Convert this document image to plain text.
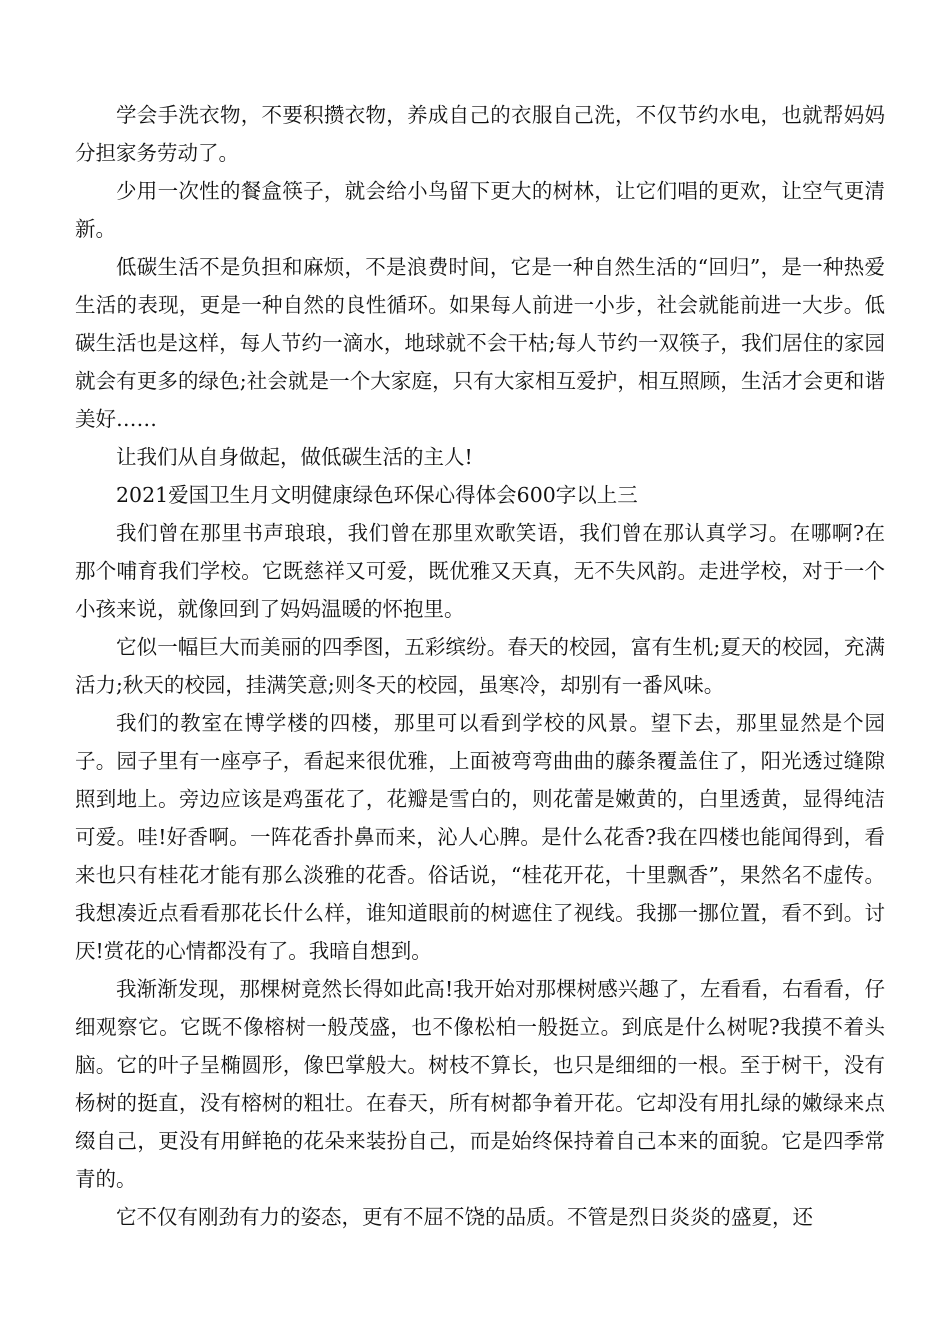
学会手洗衣物，不要积攒衣物，养成自己的衣服自己洗，不仅节约水电，也就帮妈妈分担家务劳动了。

少用一次性的餐盒筷子，就会给小鸟留下更大的树林，让它们唱的更欢，让空气更清新。

低碳生活不是负担和麻烦，不是浪费时间，它是一种自然生活的“回归”，是一种热爱生活的表现，更是一种自然的良性循环。如果每人前进一小步，社会就能前进一大步。低碳生活也是这样，每人节约一滴水，地球就不会干枯;每人节约一双筷子，我们居住的家园就会有更多的绿色;社会就是一个大家庭，只有大家相互爱护，相互照顾，生活才会更和谐美好……

让我们从自身做起，做低碳生活的主人!

2021爱国卫生月文明健康绿色环保心得体会600字以上三

我们曾在那里书声琅琅，我们曾在那里欢歌笑语，我们曾在那认真学习。在哪啊?在那个哺育我们学校。它既慈祥又可爱，既优雅又天真，无不失风韵。走进学校，对于一个小孩来说，就像回到了妈妈温暖的怀抱里。

它似一幅巨大而美丽的四季图，五彩缤纷。春天的校园，富有生机;夏天的校园，充满活力;秋天的校园，挂满笑意;则冬天的校园，虽寒冷，却别有一番风味。

我们的教室在博学楼的四楼，那里可以看到学校的风景。望下去，那里显然是个园子。园子里有一座亭子，看起来很优雅，上面被弯弯曲曲的藤条覆盖住了，阳光透过缝隙照到地上。旁边应该是鸡蛋花了，花瓣是雪白的，则花蕾是嫩黄的，白里透黄，显得纯洁可爱。哇!好香啊。一阵花香扑鼻而来，沁人心脾。是什么花香?我在四楼也能闻得到，看来也只有桂花才能有那么淡雅的花香。俗话说，“桂花开花，十里飘香”，果然名不虚传。我想凑近点看看那花长什么样，谁知道眼前的树遮住了视线。我挪一挪位置，看不到。讨厌!赏花的心情都没有了。我暗自想到。

我渐渐发现，那棵树竟然长得如此高!我开始对那棵树感兴趣了，左看看，右看看，仔细观察它。它既不像榕树一般茂盛，也不像松柏一般挺立。到底是什么树呢?我摸不着头脑。它的叶子呈椭圆形，像巴掌般大。树枝不算长，也只是细细的一根。至于树干，没有杨树的挺直，没有榕树的粗壮。在春天，所有树都争着开花。它却没有用扎绿的嫩绿来点缀自己，更没有用鲜艳的花朵来装扮自己，而是始终保持着自己本来的面貌。它是四季常青的。

它不仅有刚劲有力的姿态，更有不屈不饶的品质。不管是烈日炎炎的盛夏，还
